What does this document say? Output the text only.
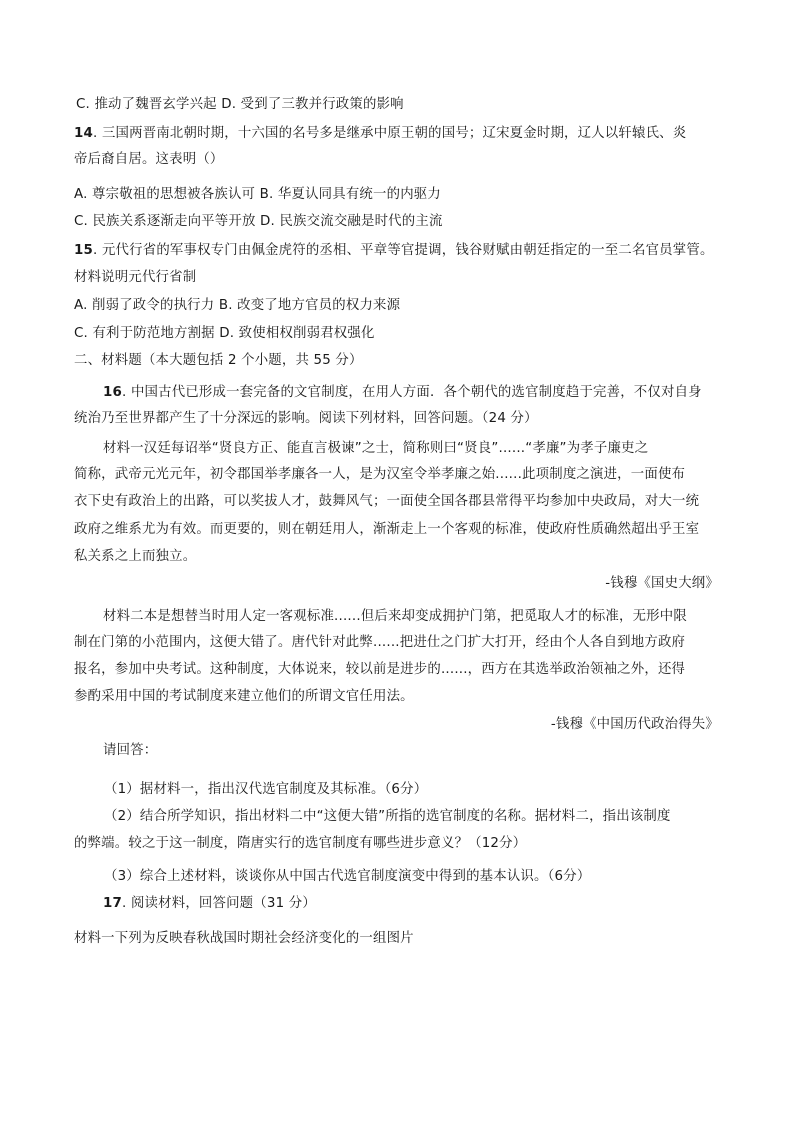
C. 推动了魏晋玄学兴起 D. 受到了三教并行政策的影响
14. 三国两晋南北朝时期，十六国的名号多是继承中原王朝的国号；辽宋夏金时期，辽人以轩辕氏、炎
帝后裔自居。这表明（）
A. 尊宗敬祖的思想被各族认可 B. 华夏认同具有统一的内驱力
C. 民族关系逐渐走向平等开放 D. 民族交流交融是时代的主流
15. 元代行省的军事权专门由佩金虎符的丞相、平章等官提调，钱谷财赋由朝廷指定的一至二名官员掌管。
材料说明元代行省制
A. 削弱了政令的执行力 B. 改变了地方官员的权力来源
C. 有利于防范地方割据 D. 致使相权削弱君权强化
二、材料题（本大题包括 2 个小题，共 55 分）
16. 中国古代已形成一套完备的文官制度，在用人方面．各个朝代的选官制度趋于完善，不仅对自身
统治乃至世界都产生了十分深远的影响。阅读下列材料，回答问题。（24 分）
材料一汉廷每诏举“贤良方正、能直言极谏”之士，简称则曰“贤良”......“孝廉”为孝子廉吏之
简称，武帝元光元年，初令郡国举孝廉各一人，是为汉室令举孝廉之始......此项制度之演进，一面使布
衣下史有政治上的出路，可以奖拔人才，鼓舞风气；一面使全国各郡县常得平均参加中央政局，对大一统
政府之维系尤为有效。而更要的，则在朝廷用人，渐渐走上一个客观的标准，使政府性质确然超出乎王室
私关系之上而独立。
-钱穆《国史大纲》
材料二本是想替当时用人定一客观标准......但后来却变成拥护门第，把觅取人才的标准，无形中限
制在门第的小范围内，这便大错了。唐代针对此弊......把进仕之门扩大打开，经由个人各自到地方政府
报名，参加中央考试。这种制度，大体说来，较以前是进步的......，西方在其选举政治领袖之外，还得
参酌采用中国的考试制度来建立他们的所谓文官任用法。
-钱穆《中国历代政治得失》
请回答：
（1）据材料一，指出汉代选官制度及其标准。（6分）
（2）结合所学知识，指出材料二中“这便大错”所指的选官制度的名称。据材料二，指出该制度
的弊端。较之于这一制度，隋唐实行的选官制度有哪些进步意义？（12分）
（3）综合上述材料，谈谈你从中国古代选官制度演变中得到的基本认识。（6分）
17. 阅读材料，回答问题（31 分）
材料一下列为反映春秋战国时期社会经济变化的一组图片
